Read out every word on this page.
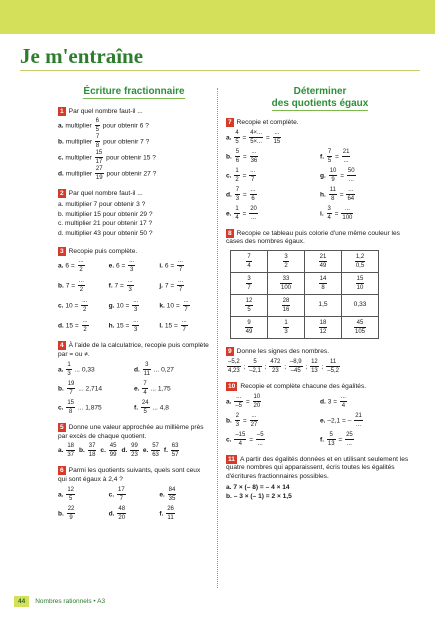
Je m'entraîne
Écriture fractionnaire
1 Par quel nombre faut-il ...
a. multiplier $\frac{6}{5}$ pour obtenir 6 ?
b. multiplier $\frac{7}{8}$ pour obtenir 7 ?
c. multiplier $\frac{15}{17}$ pour obtenir 15 ?
d. multiplier $\frac{27}{19}$ pour obtenir 27 ?
2 Par quel nombre faut-il ...
a. multiplier 7 pour obtenir 3 ?
b. multiplier 15 pour obtenir 29 ?
c. multiplier 21 pour obtenir 17 ?
d. multiplier 43 pour obtenir 50 ?
3 Recopie puis complète.
a. $6 = \frac{...}{2}$	e. $6 = \frac{...}{3}$	i. $6 = \frac{...}{7}$
b. $7 = \frac{...}{2}$	f. $7 = \frac{...}{3}$	j. $7 = \frac{...}{7}$
c. $10 = \frac{...}{2}$	g. $10 = \frac{...}{3}$	k. $10 = \frac{...}{7}$
d. $15 = \frac{...}{2}$	h. $15 = \frac{...}{3}$	l. $15 = \frac{...}{7}$
4 À l'aide de la calculatrice, recopie puis complète par = ou ≠.
a. $\frac{1}{3}$ ... 0,33	d. $\frac{3}{11}$ ... 0,27
b. $\frac{19}{7}$ ... 2,714	e. $\frac{7}{4}$ ... 1,75
c. $\frac{15}{8}$ ... 1,875	f. $\frac{24}{5}$ ... 4,8
5 Donne une valeur approchée au millième près par excès de chaque quotient.
a. $\frac{18}{37} b$. $\frac{37}{18} c$. $\frac{45}{99} d$. $\frac{99}{23} e$. $\frac{57}{63} f$. $\frac{63}{57}$
6 Parmi les quotients suivants, quels sont ceux qui sont égaux à 2,4 ?
a. $\frac{12}{5}$	c. $\frac{17}{7}$	e. $\frac{84}{35}$
b. $\frac{22}{9}$	d. $\frac{48}{20}$	f. $\frac{26}{11}$
Déterminer
des quotients égaux
7 Recopie et complète.
a. $\frac{4}{5} = \frac{4\times...}{5\times...} = \frac{...}{15}$
b. $\frac{5}{6} = \frac{...}{36}$	f. $\frac{7}{5} = \frac{21}{...}$
c. $\frac{1}{2} = \frac{...}{7}$	g. $\frac{10}{9} = \frac{50}{...}$
d. $\frac{7}{3} = \frac{...}{6}$	h. $\frac{11}{8} = \frac{...}{64}$
e. $\frac{1}{4} = \frac{20}{...}$	i. $\frac{3}{4} = \frac{...}{100}$
8 Recopie ce tableau puis colorie d'une même couleur les cases des nombres égaux.
$\frac{7}{4}$	$\frac{3}{2}$	$\frac{21}{49}$	$\frac{1,2}{0,5}$

$\frac{3}{7}$	$\frac{33}{100}$	$\frac{14}{8}$	$\frac{15}{10}$

$\frac{12}{5}$	$\frac{28}{16}$	1,5	0,33

$\frac{9}{49}$	$\frac{1}{3}$	$\frac{18}{12}$	$\frac{45}{105}$
9 Donne les signes des nombres.
$\frac{-5,2}{4,23}$ ; $\frac{5}{-2,1}$ ; $\frac{472}{23}$ ; $\frac{-8,9}{-45}$ ; $\frac{12}{13}$ ; $\frac{11}{-5,2}$
10 Recopie et complète chacune des égalités.
a. $\frac{...}{-5} = \frac{10}{20}$	d. $3 = \frac{...}{4}$
b. $\frac{2}{3} = \frac{...}{27}$	e. –2,1 = – $\frac{21}{...}$
c. $\frac{-15}{4} = \frac{-5}{...}$	f. $\frac{5}{13} = \frac{25}{...}$
11 A partir des égalités données et en utilisant seulement les quatre nombres qui apparaissent, écris toutes les égalités d'écritures fractionnaires possibles.
a. 7 × (– 8) = – 4 × 14
b. – 3 × (– 1) = 2 × 1,5
44 Nombres rationnels • A3
